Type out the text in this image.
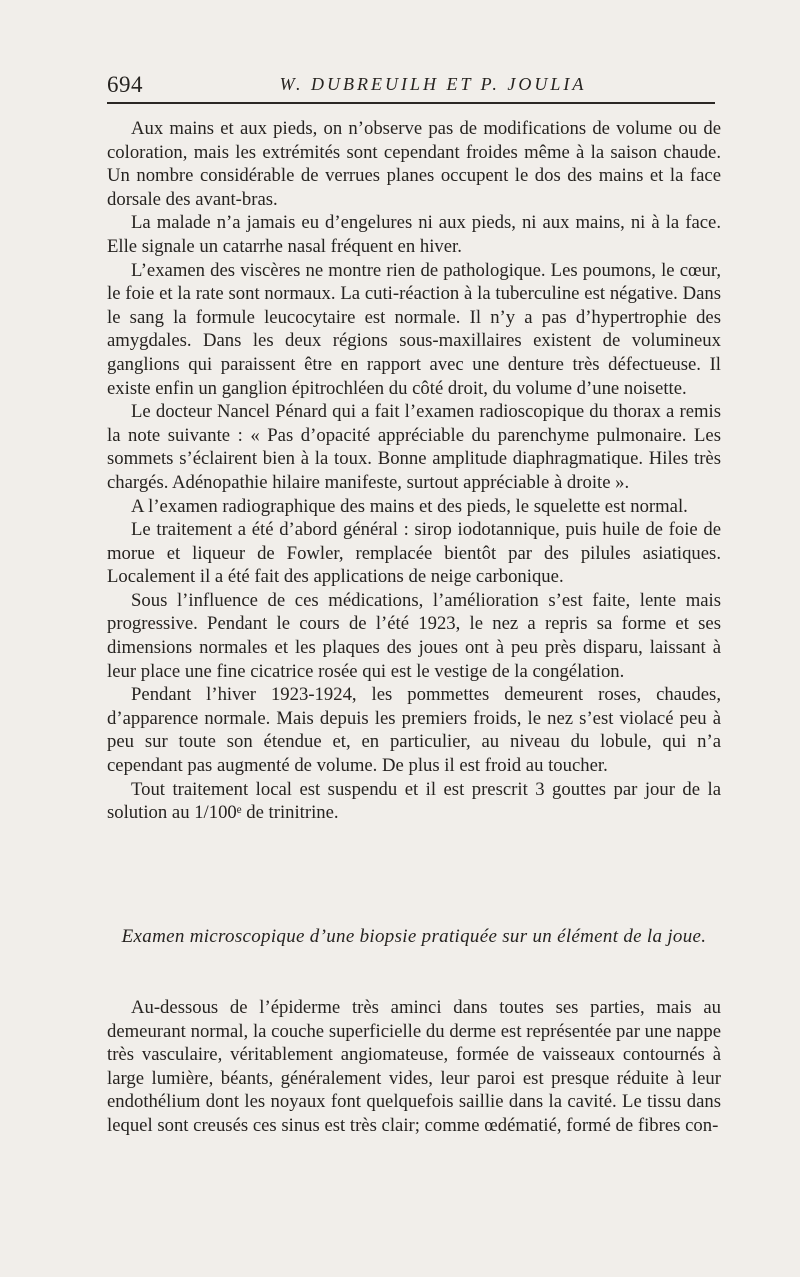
694	W. DUBREUILH ET P. JOULIA

Aux mains et aux pieds, on n’observe pas de modifications de volume ou de coloration, mais les extrémités sont cependant froides même à la saison chaude. Un nombre considérable de verrues planes occupent le dos des mains et la face dorsale des avant-bras.

La malade n’a jamais eu d’engelures ni aux pieds, ni aux mains, ni à la face. Elle signale un catarrhe nasal fréquent en hiver.

L’examen des viscères ne montre rien de pathologique. Les poumons, le cœur, le foie et la rate sont normaux. La cuti-réaction à la tuberculine est négative. Dans le sang la formule leucocytaire est normale. Il n’y a pas d’hypertrophie des amygdales. Dans les deux régions sous-maxillaires existent de volumineux ganglions qui paraissent être en rapport avec une denture très défectueuse. Il existe enfin un ganglion épitrochléen du côté droit, du volume d’une noisette.

Le docteur Nancel Pénard qui a fait l’examen radioscopique du thorax a remis la note suivante : « Pas d’opacité appréciable du parenchyme pulmonaire. Les sommets s’éclairent bien à la toux. Bonne amplitude diaphragmatique. Hiles très chargés. Adénopathie hilaire manifeste, surtout appréciable à droite ».

A l’examen radiographique des mains et des pieds, le squelette est normal.

Le traitement a été d’abord général : sirop iodotannique, puis huile de foie de morue et liqueur de Fowler, remplacée bientôt par des pilules asiatiques. Localement il a été fait des applications de neige carbonique.

Sous l’influence de ces médications, l’amélioration s’est faite, lente mais progressive. Pendant le cours de l’été 1923, le nez a repris sa forme et ses dimensions normales et les plaques des joues ont à peu près disparu, laissant à leur place une fine cicatrice rosée qui est le vestige de la congélation.

Pendant l’hiver 1923-1924, les pommettes demeurent roses, chaudes, d’apparence normale. Mais depuis les premiers froids, le nez s’est violacé peu à peu sur toute son étendue et, en particulier, au niveau du lobule, qui n’a cependant pas augmenté de volume. De plus il est froid au toucher.

Tout traitement local est suspendu et il est prescrit 3 gouttes par jour de la solution au 1/100ᵉ de trinitrine.

Examen microscopique d’une biopsie pratiquée sur un élément de la joue.

Au-dessous de l’épiderme très aminci dans toutes ses parties, mais au demeurant normal, la couche superficielle du derme est représentée par une nappe très vasculaire, véritablement angiomateuse, formée de vaisseaux contournés à large lumière, béants, généralement vides, leur paroi est presque réduite à leur endothélium dont les noyaux font quelquefois saillie dans la cavité. Le tissu dans lequel sont creusés ces sinus est très clair; comme œdématié, formé de fibres con-
